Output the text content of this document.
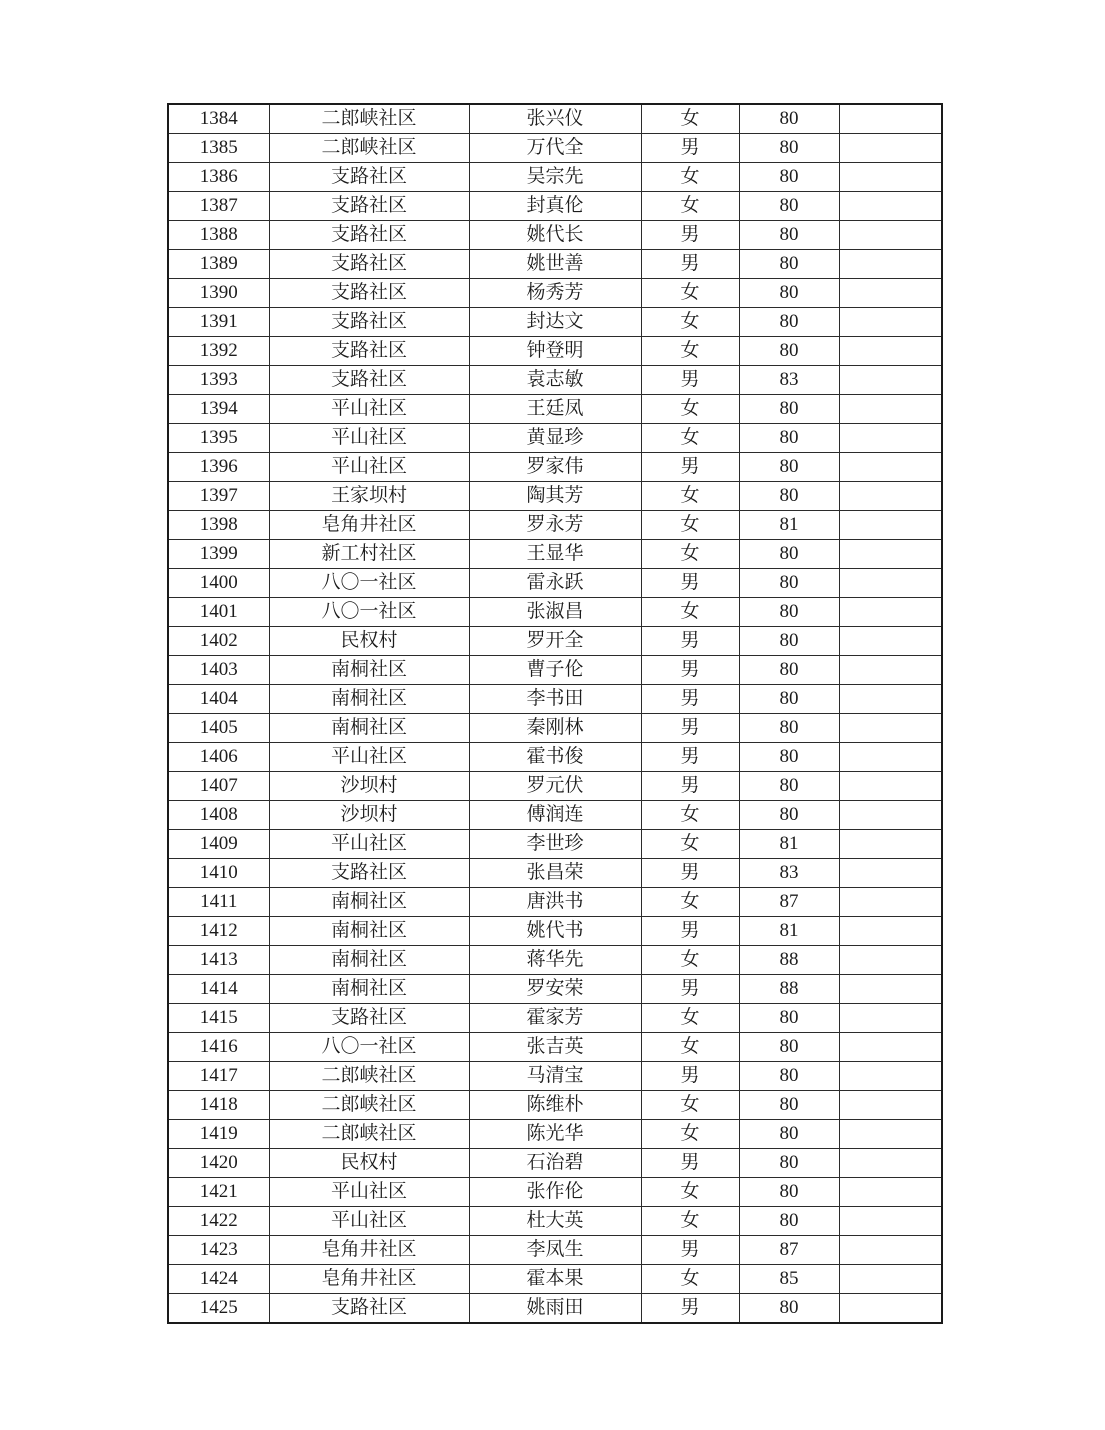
1384	二郎峡社区	张兴仪	女	80	
1385	二郎峡社区	万代全	男	80	
1386	支路社区	吴宗先	女	80	
1387	支路社区	封真伦	女	80	
1388	支路社区	姚代长	男	80	
1389	支路社区	姚世善	男	80	
1390	支路社区	杨秀芳	女	80	
1391	支路社区	封达文	女	80	
1392	支路社区	钟登明	女	80	
1393	支路社区	袁志敏	男	83	
1394	平山社区	王廷凤	女	80	
1395	平山社区	黄显珍	女	80	
1396	平山社区	罗家伟	男	80	
1397	王家坝村	陶其芳	女	80	
1398	皂角井社区	罗永芳	女	81	
1399	新工村社区	王显华	女	80	
1400	八〇一社区	雷永跃	男	80	
1401	八〇一社区	张淑昌	女	80	
1402	民权村	罗开全	男	80	
1403	南桐社区	曹子伦	男	80	
1404	南桐社区	李书田	男	80	
1405	南桐社区	秦刚林	男	80	
1406	平山社区	霍书俊	男	80	
1407	沙坝村	罗元伏	男	80	
1408	沙坝村	傅润连	女	80	
1409	平山社区	李世珍	女	81	
1410	支路社区	张昌荣	男	83	
1411	南桐社区	唐洪书	女	87	
1412	南桐社区	姚代书	男	81	
1413	南桐社区	蒋华先	女	88	
1414	南桐社区	罗安荣	男	88	
1415	支路社区	霍家芳	女	80	
1416	八〇一社区	张吉英	女	80	
1417	二郎峡社区	马清宝	男	80	
1418	二郎峡社区	陈维朴	女	80	
1419	二郎峡社区	陈光华	女	80	
1420	民权村	石治碧	男	80	
1421	平山社区	张作伦	女	80	
1422	平山社区	杜大英	女	80	
1423	皂角井社区	李凤生	男	87	
1424	皂角井社区	霍本果	女	85	
1425	支路社区	姚雨田	男	80	
